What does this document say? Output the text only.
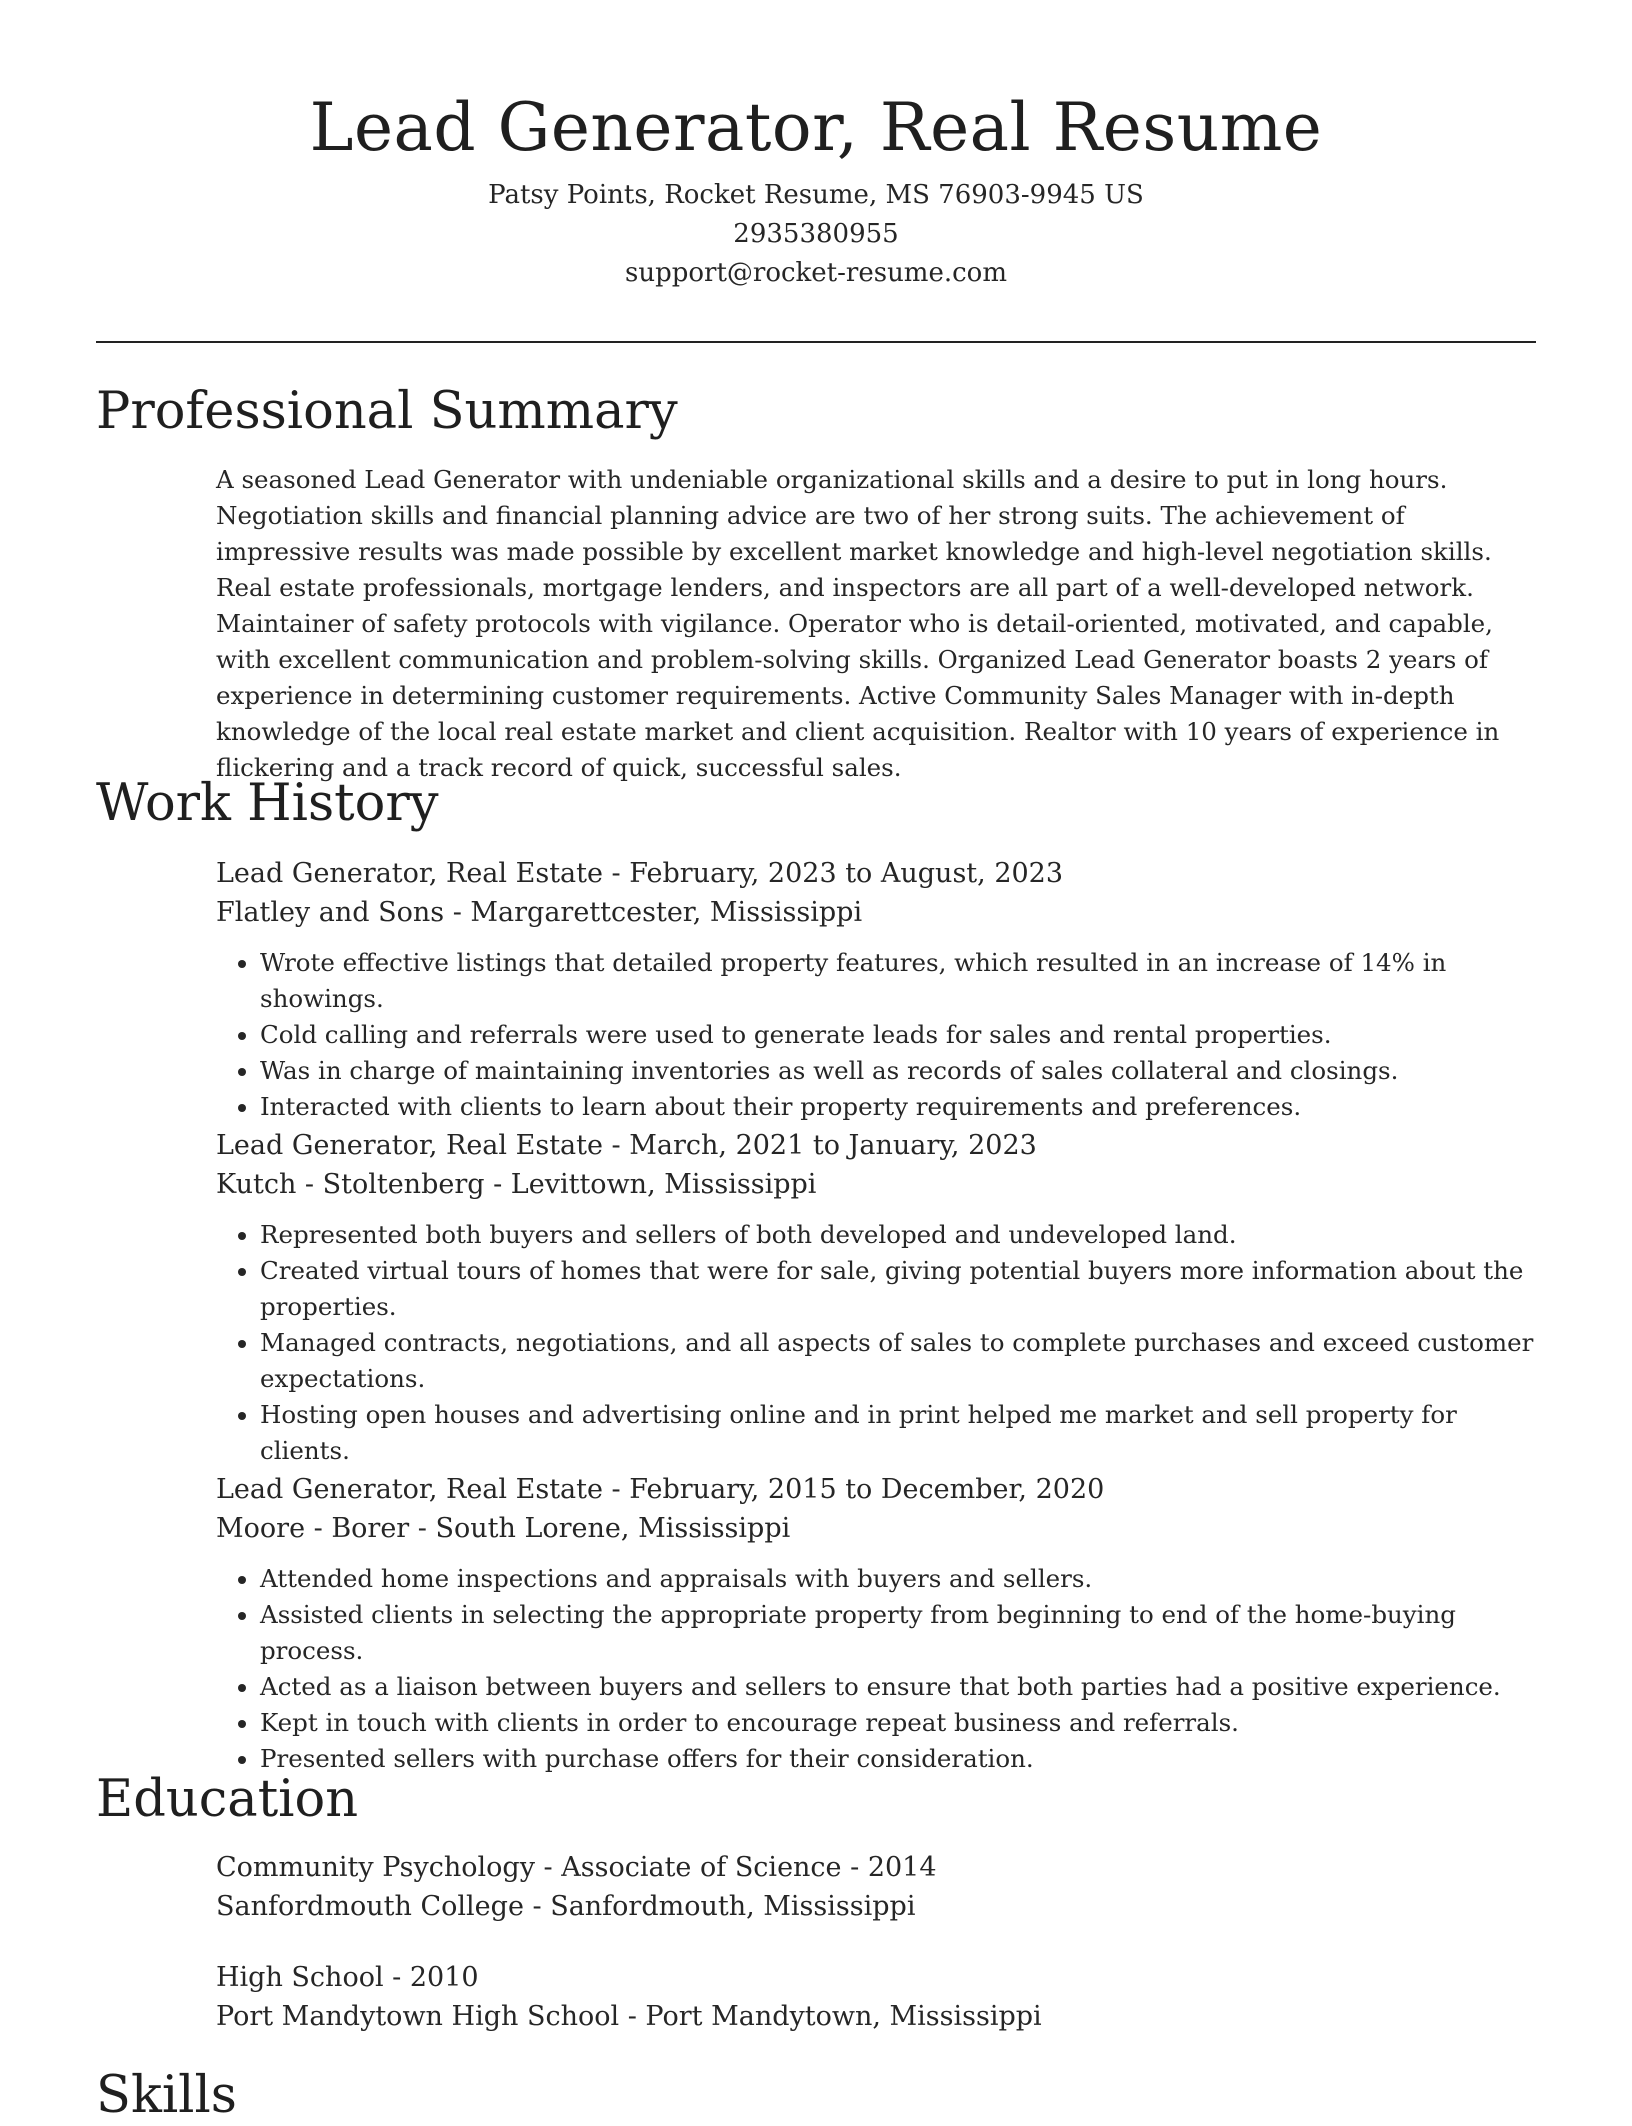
Lead Generator, Real Resume

Patsy Points, Rocket Resume, MS 76903-9945 US

2935380955

support@rocket-resume.com

Professional Summary

A seasoned Lead Generator with undeniable organizational skills and a desire to put in long hours. Negotiation skills and financial planning advice are two of her strong suits. The achievement of impressive results was made possible by excellent market knowledge and high-level negotiation skills. Real estate professionals, mortgage lenders, and inspectors are all part of a well-developed network. Maintainer of safety protocols with vigilance. Operator who is detail-oriented, motivated, and capable, with excellent communication and problem-solving skills. Organized Lead Generator boasts 2 years of experience in determining customer requirements. Active Community Sales Manager with in-depth knowledge of the local real estate market and client acquisition. Realtor with 10 years of experience in flickering and a track record of quick, successful sales.

Work History

Lead Generator, Real Estate - February, 2023 to August, 2023

Flatley and Sons - Margarettcester, Mississippi

• Wrote effective listings that detailed property features, which resulted in an increase of 14% in showings.
• Cold calling and referrals were used to generate leads for sales and rental properties.
• Was in charge of maintaining inventories as well as records of sales collateral and closings.
• Interacted with clients to learn about their property requirements and preferences.

Lead Generator, Real Estate - March, 2021 to January, 2023

Kutch - Stoltenberg - Levittown, Mississippi

• Represented both buyers and sellers of both developed and undeveloped land.
• Created virtual tours of homes that were for sale, giving potential buyers more information about the properties.
• Managed contracts, negotiations, and all aspects of sales to complete purchases and exceed customer expectations.
• Hosting open houses and advertising online and in print helped me market and sell property for clients.

Lead Generator, Real Estate - February, 2015 to December, 2020

Moore - Borer - South Lorene, Mississippi

• Attended home inspections and appraisals with buyers and sellers.
• Assisted clients in selecting the appropriate property from beginning to end of the home-buying process.
• Acted as a liaison between buyers and sellers to ensure that both parties had a positive experience.
• Kept in touch with clients in order to encourage repeat business and referrals.
• Presented sellers with purchase offers for their consideration.
Education

Community Psychology - Associate of Science - 2014

Sanfordmouth College - Sanfordmouth, Mississippi

High School - 2010

Port Mandytown High School - Port Mandytown, Mississippi

Skills
